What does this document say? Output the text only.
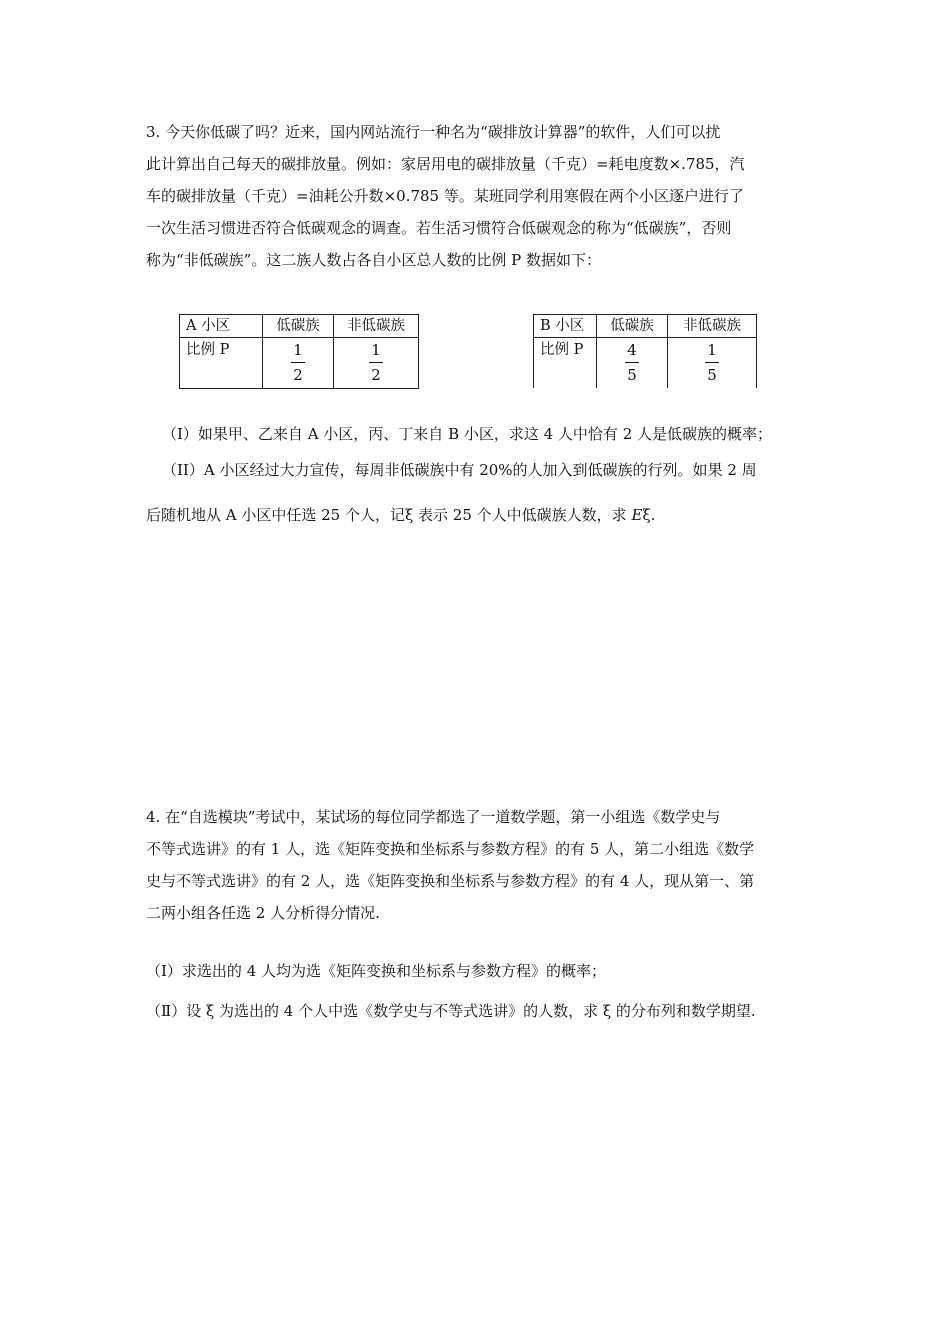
3. 今天你低碳了吗？近来，国内网站流行一种名为“碳排放计算器”的软件，人们可以扰
此计算出自己每天的碳排放量。例如：家居用电的碳排放量（千克）=耗电度数×.785，汽
车的碳排放量（千克）=油耗公升数×0.785 等。某班同学利用寒假在两个小区逐户进行了
一次生活习惯进否符合低碳观念的调查。若生活习惯符合低碳观念的称为“低碳族”，否则
称为“非低碳族”。这二族人数占各自小区总人数的比例 P 数据如下：
A 小区	低碳族	非低碳族
比例 P	$\frac{1}{2}$	$\frac{1}{2}$
B 小区	低碳族	非低碳族
比例 P	$\frac{4}{5}$	$\frac{1}{5}$
（I）如果甲、乙来自 A 小区，丙、丁来自 B 小区，求这 4 人中恰有 2 人是低碳族的概率；
（II）A 小区经过大力宣传，每周非低碳族中有 20%的人加入到低碳族的行列。如果 2 周
后随机地从 A 小区中任选 25 个人，记ξ 表示 25 个人中低碳族人数，求 Eξ.
4. 在“自选模块”考试中，某试场的每位同学都选了一道数学题，第一小组选《数学史与
不等式选讲》的有 1 人，选《矩阵变换和坐标系与参数方程》的有 5 人，第二小组选《数学
史与不等式选讲》的有 2 人，选《矩阵变换和坐标系与参数方程》的有 4 人，现从第一、第
二两小组各任选 2 人分析得分情况.
（Ⅰ）求选出的 4 人均为选《矩阵变换和坐标系与参数方程》的概率；
（Ⅱ）设 ξ 为选出的 4 个人中选《数学史与不等式选讲》的人数，求 ξ 的分布列和数学期望.
